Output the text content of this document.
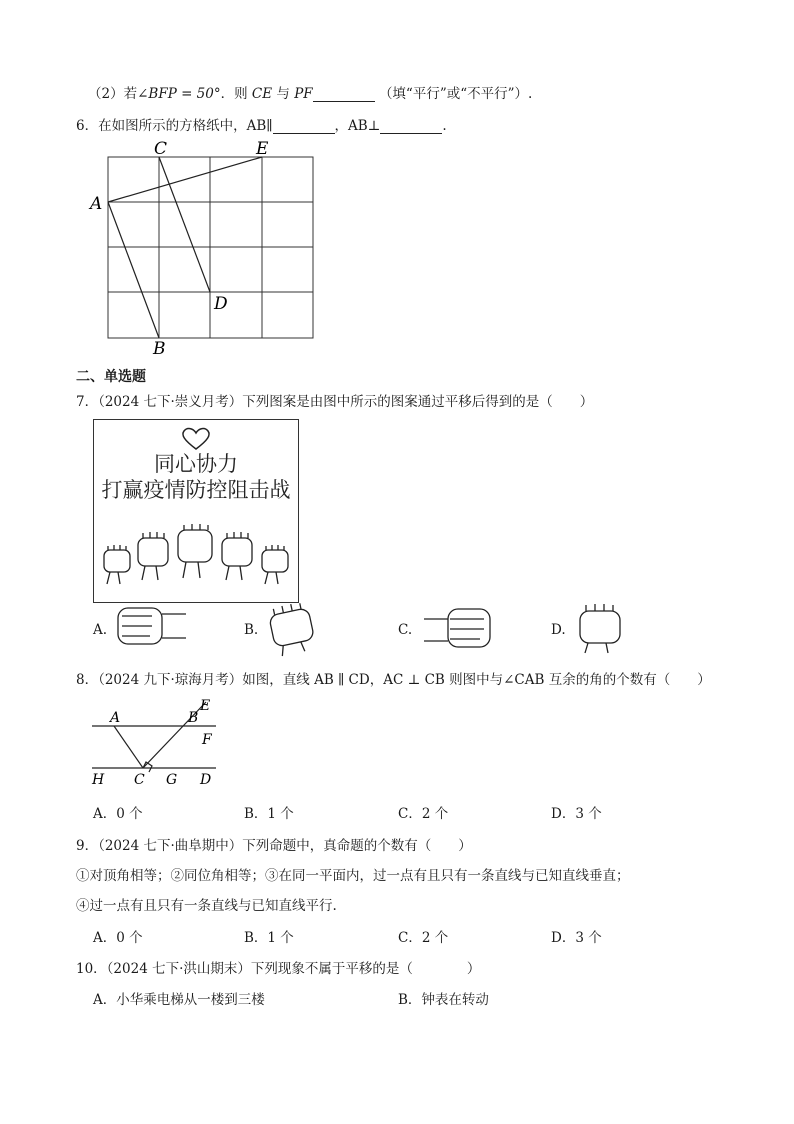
（2）若∠BFP = 50°．则 CE 与 PF	（填“平行”或“不平行”）.
6．在如图所示的方格纸中，AB∥	，AB⊥	.
A
B
C
D
E
二、单选题
7．（2024 七下·崇义月考）下列图案是由图中所示的图案通过平移后得到的是（　　）
同心协力
打赢疫情防控阻击战
A.	B.	C.	D.
8．（2024 九下·琼海月考）如图，直线 AB ∥ CD，AC ⊥ CB 则图中与∠CAB 互余的角的个数有（　　）
A	B
E
F
H C G D
A．0 个	B．1 个	C．2 个	D．3 个
9．（2024 七下·曲阜期中）下列命题中，真命题的个数有（　　）
①对顶角相等；②同位角相等；③在同一平面内，过一点有且只有一条直线与已知直线垂直；
④过一点有且只有一条直线与已知直线平行.
A．0 个	B．1 个	C．2 个	D．3 个
10．（2024 七下·洪山期末）下列现象不属于平移的是（　　　　）
A．小华乘电梯从一楼到三楼	B．钟表在转动
